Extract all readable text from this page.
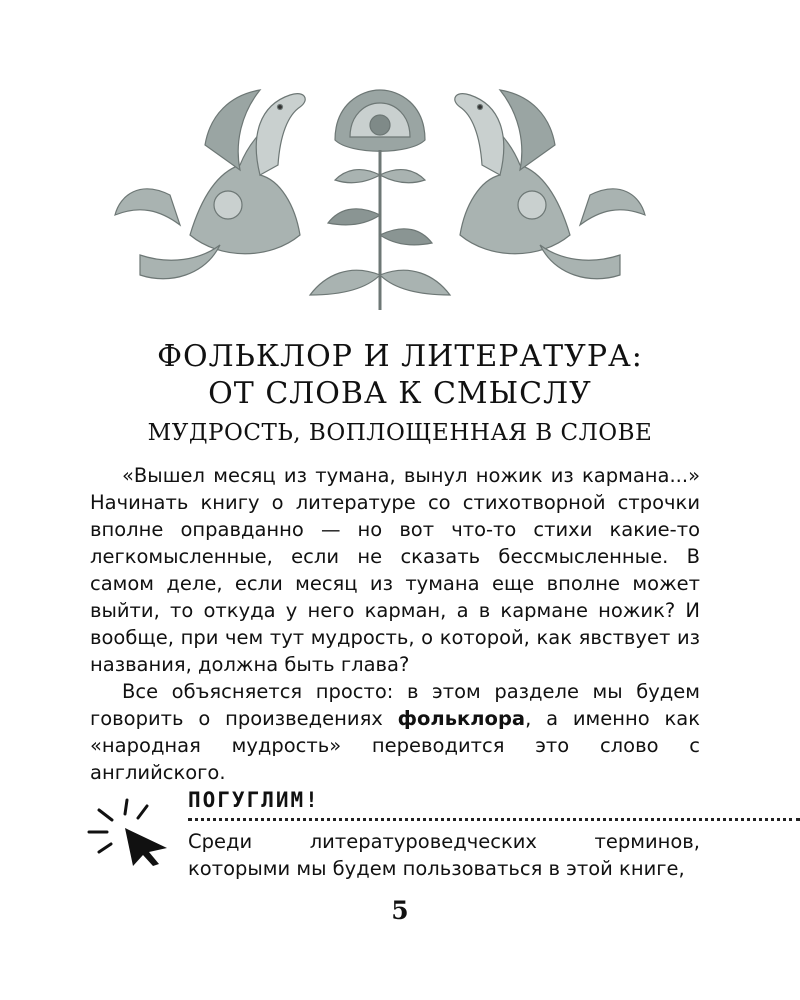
ФОЛЬКЛОР И ЛИТЕРАТУРА:
ОТ СЛОВА К СМЫСЛУ
МУДРОСТЬ, ВОПЛОЩЕННАЯ В СЛОВЕ

«Вышел месяц из тумана, вынул ножик из кармана...» Начинать книгу о литературе со стихотворной строчки вполне оправданно — но вот что-то стихи какие-то легкомысленные, если не сказать бессмысленные. В самом деле, если месяц из тумана еще вполне может выйти, то откуда у него карман, а в кармане ножик? И вообще, при чем тут мудрость, о которой, как явствует из названия, должна быть глава?

Все объясняется просто: в этом разделе мы будем говорить о произведениях фольклора, а именно как «народная мудрость» переводится это слово с английского.

ПОГУГЛИМ!

Среди литературоведческих терминов, которыми мы будем пользоваться в этой книге,

5
